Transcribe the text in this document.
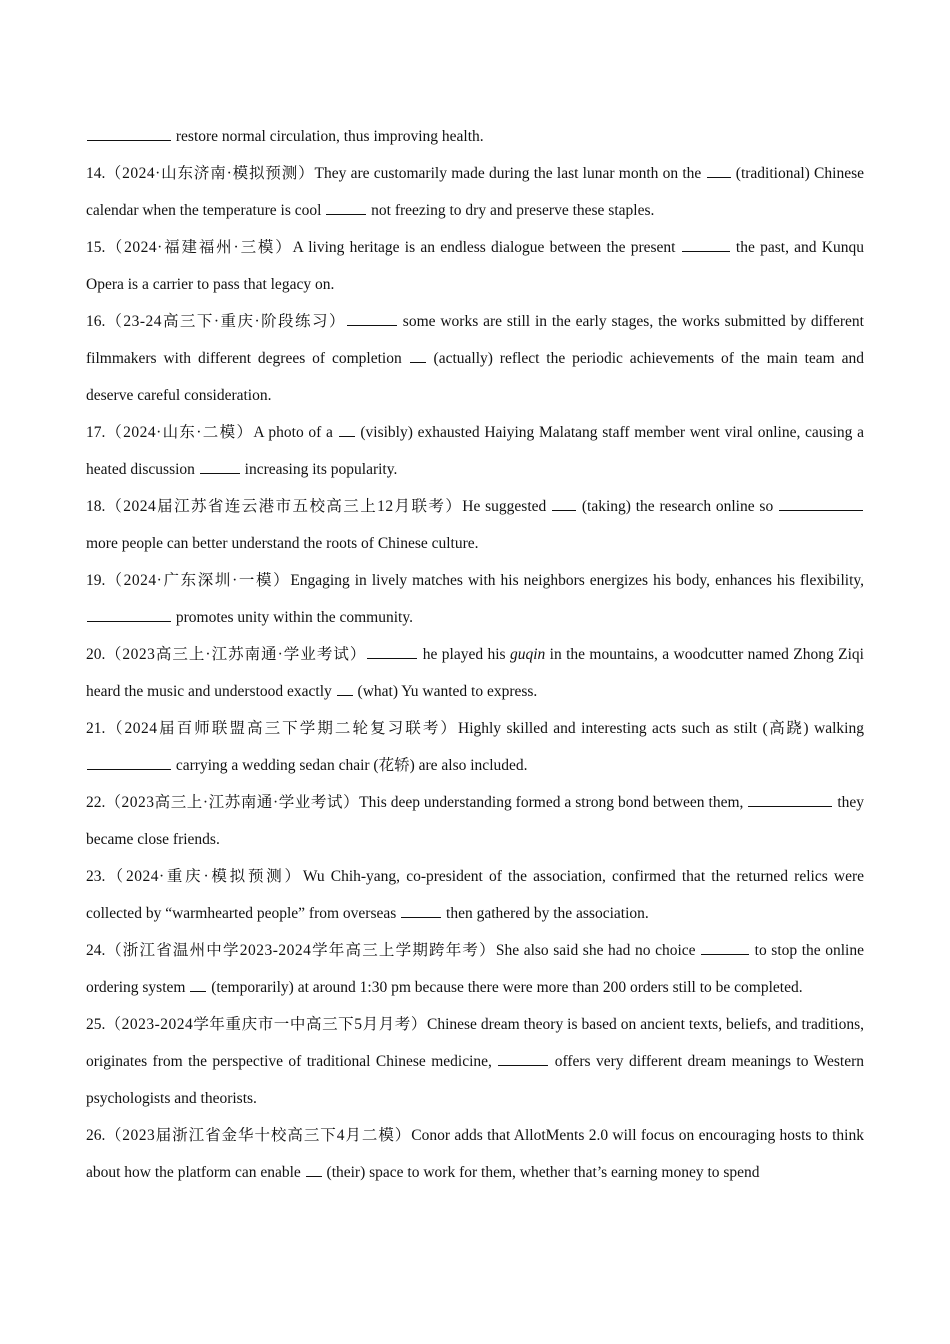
restore normal circulation, thus improving health.

14.（2024·山东济南·模拟预测）They are customarily made during the last lunar month on the  (traditional) Chinese calendar when the temperature is cool	not freezing to dry and preserve these staples.

15.（2024·福建福州·三模）A living heritage is an endless dialogue between the present	the past, and Kunqu Opera is a carrier to pass that legacy on.

16.（23-24高三下·重庆·阶段练习）	some works are still in the early stages, the works submitted by different filmmakers with different degrees of completion  (actually) reflect the periodic achievements of the main team and deserve careful consideration.

17.（2024·山东·二模）A photo of a  (visibly) exhausted Haiying Malatang staff member went viral online, causing a heated discussion	increasing its popularity.

18.（2024届江苏省连云港市五校高三上12月联考）He suggested  (taking) the research online so  more people can better understand the roots of Chinese culture.

19.（2024·广东深圳·一模）Engaging in lively matches with his neighbors energizes his body, enhances his flexibility,  promotes unity within the community.

20.（2023高三上·江苏南通·学业考试）	he played his guqin in the mountains, a woodcutter named Zhong Ziqi heard the music and understood exactly  (what) Yu wanted to express.

21.（2024届百师联盟高三下学期二轮复习联考）Highly skilled and interesting acts such as stilt (高跷) walking  carrying a wedding sedan chair (花轿) are also included.

22.（2023高三上·江苏南通·学业考试）This deep understanding formed a strong bond between them,	they became close friends.

23.（2024·重庆·模拟预测）Wu Chih-yang, co-president of the association, confirmed that the returned relics were collected by “warmhearted people” from overseas	then gathered by the association.

24.（浙江省温州中学2023-2024学年高三上学期跨年考）She also said she had no choice	to stop the online ordering system  (temporarily) at around 1:30 pm because there were more than 200 orders still to be completed.

25.（2023-2024学年重庆市一中高三下5月月考）Chinese dream theory is based on ancient texts, beliefs, and traditions, originates from the perspective of traditional Chinese medicine,	offers very different dream meanings to Western psychologists and theorists.

26.（2023届浙江省金华十校高三下4月二模）Conor adds that AllotMents 2.0 will focus on encouraging hosts to think about how the platform can enable  (their) space to work for them, whether that’s earning money to spend
